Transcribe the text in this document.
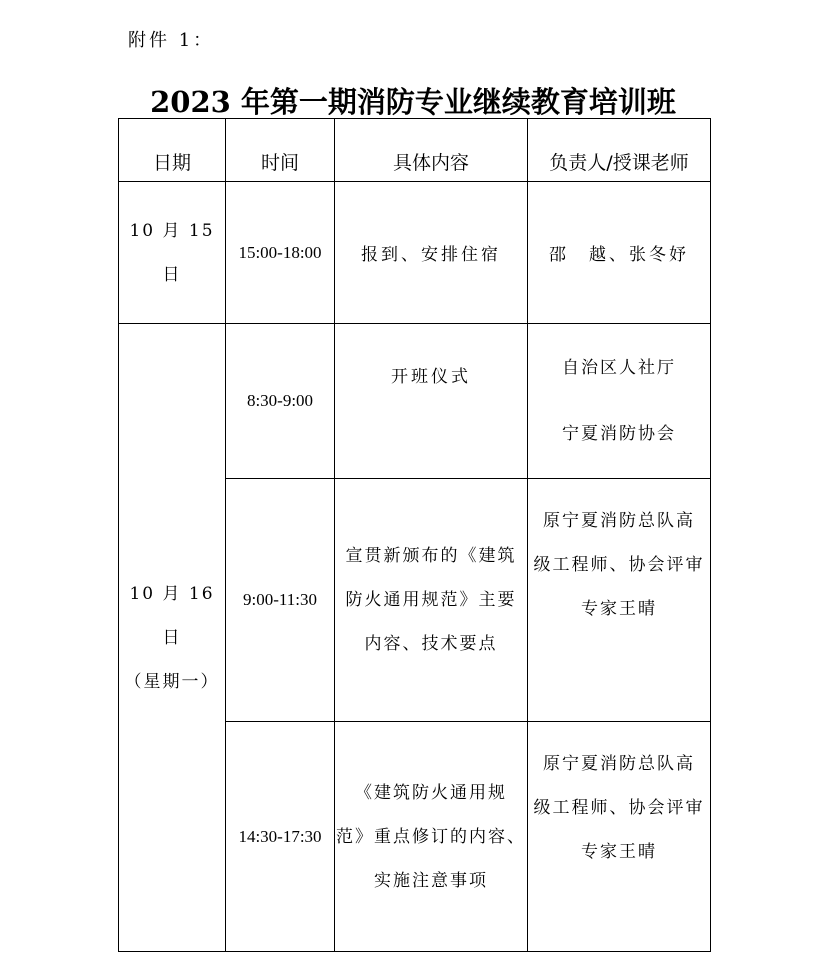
附件 1：
2023 年第一期消防专业继续教育培训班
日期	时间	具体内容	负责人/授课老师
10 月 15 日	15:00-18:00	报到、安排住宿	邵　越、张冬妤

10 月 16 日
（星期一）	8:30-9:00	开班仪式	自治区人社厅
宁夏消防协会

	9:00-11:30	宣贯新颁布的《建筑
防火通用规范》主要
内容、技术要点	原宁夏消防总队高
级工程师、协会评审
专家王晴

	14:30-17:30	《建筑防火通用规
范》重点修订的内容、
实施注意事项	原宁夏消防总队高
级工程师、协会评审
专家王晴
